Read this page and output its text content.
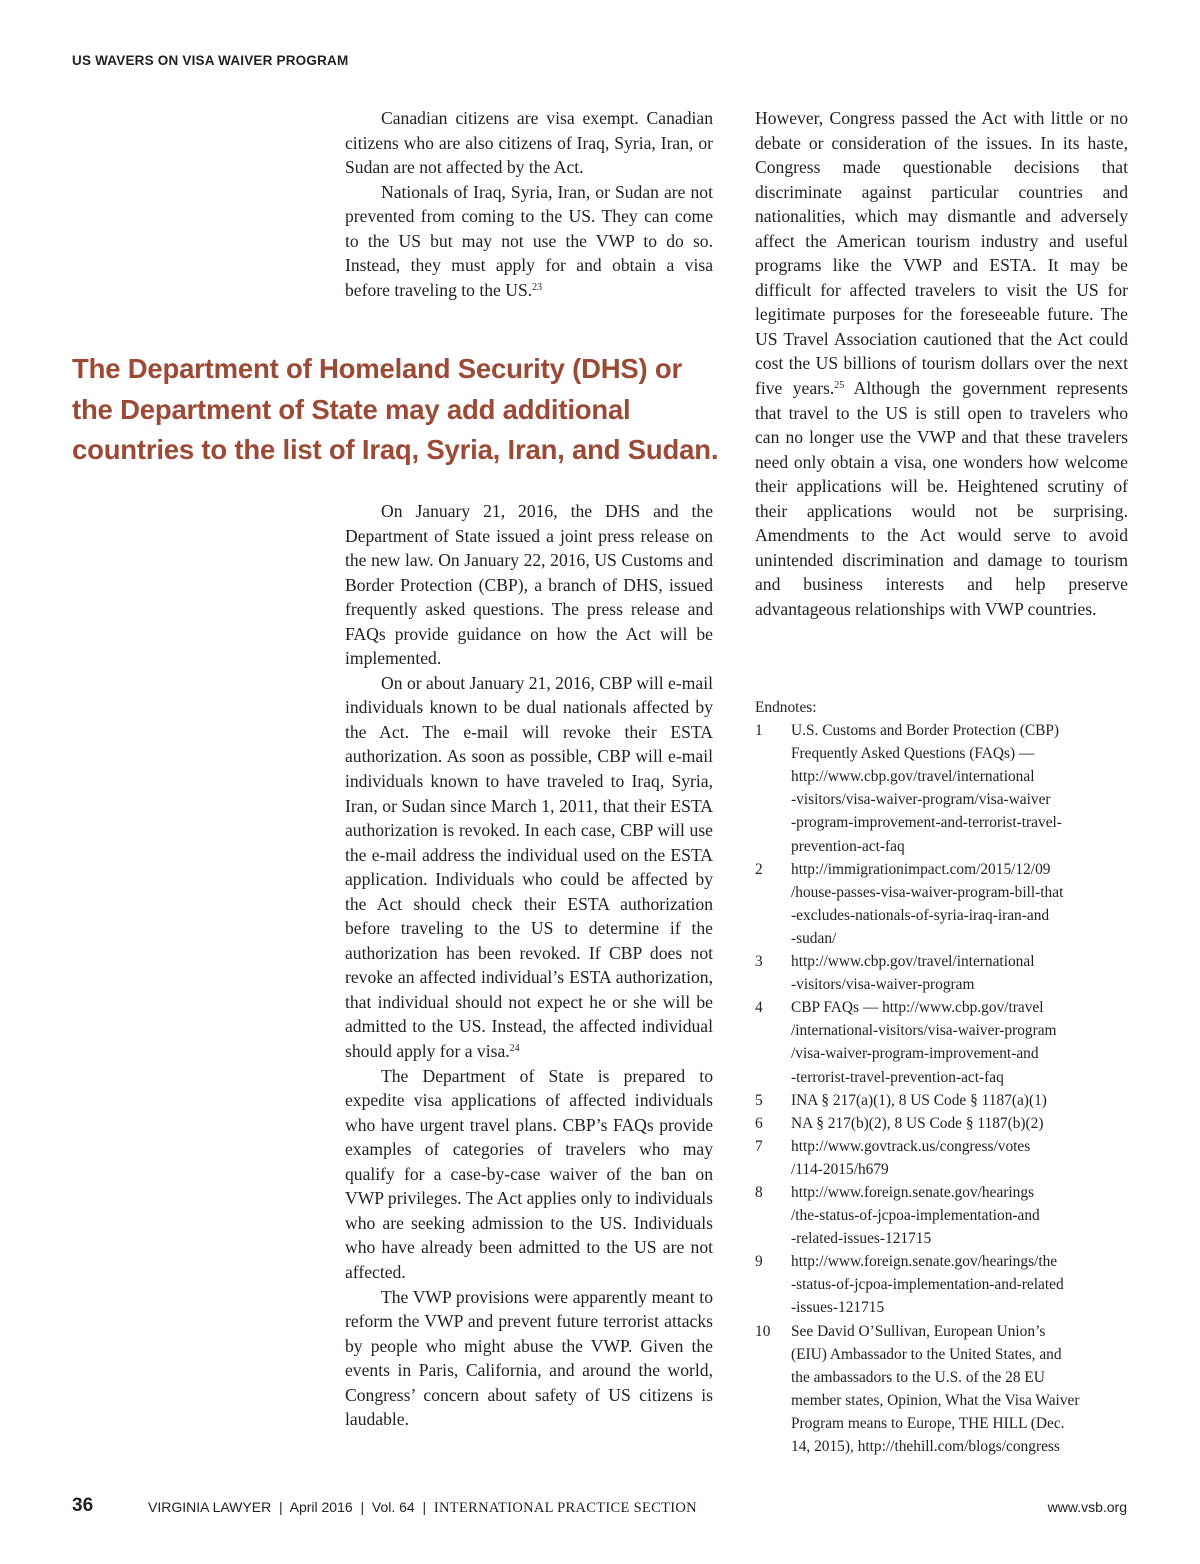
US WAVERS ON VISA WAIVER PROGRAM

Canadian citizens are visa exempt. Canadian citizens who are also citizens of Iraq, Syria, Iran, or Sudan are not affected by the Act.

Nationals of Iraq, Syria, Iran, or Sudan are not prevented from coming to the US. They can come to the US but may not use the VWP to do so. Instead, they must apply for and obtain a visa before traveling to the US.$^{23}$

The Department of Homeland Security (DHS) or the Department of State may add additional countries to the list of Iraq, Syria, Iran, and Sudan.

On January 21, 2016, the DHS and the Department of State issued a joint press release on the new law. On January 22, 2016, US Customs and Border Protection (CBP), a branch of DHS, issued frequently asked questions. The press release and FAQs provide guidance on how the Act will be implemented.

On or about January 21, 2016, CBP will e-mail individuals known to be dual nationals affected by the Act. The e-mail will revoke their ESTA authorization. As soon as possible, CBP will e-mail individuals known to have traveled to Iraq, Syria, Iran, or Sudan since March 1, 2011, that their ESTA authorization is revoked. In each case, CBP will use the e-mail address the individual used on the ESTA application. Individuals who could be affected by the Act should check their ESTA authorization before traveling to the US to determine if the authorization has been revoked. If CBP does not revoke an affected individual’s ESTA authorization, that individual should not expect he or she will be admitted to the US. Instead, the affected individual should apply for a visa.$^{24}$

The Department of State is prepared to expedite visa applications of affected individuals who have urgent travel plans. CBP’s FAQs provide examples of categories of travelers who may qualify for a case-by-case waiver of the ban on VWP privileges. The Act applies only to individuals who are seeking admission to the US. Individuals who have already been admitted to the US are not affected.

The VWP provisions were apparently meant to reform the VWP and prevent future terrorist attacks by people who might abuse the VWP. Given the events in Paris, California, and around the world, Congress’ concern about safety of US citizens is laudable.

However, Congress passed the Act with little or no debate or consideration of the issues. In its haste, Congress made questionable decisions that discriminate against particular countries and nationalities, which may dismantle and adversely affect the American tourism industry and useful programs like the VWP and ESTA. It may be difficult for affected travelers to visit the US for legitimate purposes for the foreseeable future. The US Travel Association cautioned that the Act could cost the US billions of tourism dollars over the next five years.$^{25}$ Although the government represents that travel to the US is still open to travelers who can no longer use the VWP and that these travelers need only obtain a visa, one wonders how welcome their applications will be. Heightened scrutiny of their applications would not be surprising. Amendments to the Act would serve to avoid unintended discrimination and damage to tourism and business interests and help preserve advantageous relationships with VWP countries.

Endnotes:

1	U.S. Customs and Border Protection (CBP)
Frequently Asked Questions (FAQs) —
http://www.cbp.gov/travel/international
-visitors/visa-waiver-program/visa-waiver
-program-improvement-and-terrorist-travel-
prevention-act-faq
2	http://immigrationimpact.com/2015/12/09
/house-passes-visa-waiver-program-bill-that
-excludes-nationals-of-syria-iraq-iran-and
-sudan/
3	http://www.cbp.gov/travel/international
-visitors/visa-waiver-program
4	CBP FAQs — http://www.cbp.gov/travel
/international-visitors/visa-waiver-program
/visa-waiver-program-improvement-and
-terrorist-travel-prevention-act-faq
5	INA § 217(a)(1), 8 US Code § 1187(a)(1)
6	NA § 217(b)(2), 8 US Code § 1187(b)(2)
7	http://www.govtrack.us/congress/votes
/114-2015/h679
8	http://www.foreign.senate.gov/hearings
/the-status-of-jcpoa-implementation-and
-related-issues-121715
9	http://www.foreign.senate.gov/hearings/the
-status-of-jcpoa-implementation-and-related
-issues-121715
10	See David O’Sullivan, European Union’s
(EIU) Ambassador to the United States, and
the ambassadors to the U.S. of the 28 EU
member states, Opinion, What the Visa Waiver
Program means to Europe, THE HILL (Dec.
14, 2015), http://thehill.com/blogs/congress
36	VIRGINIA LAWYER  |  April 2016  |  Vol. 64  |  INTERNATIONAL PRACTICE SECTION	www.vsb.org
